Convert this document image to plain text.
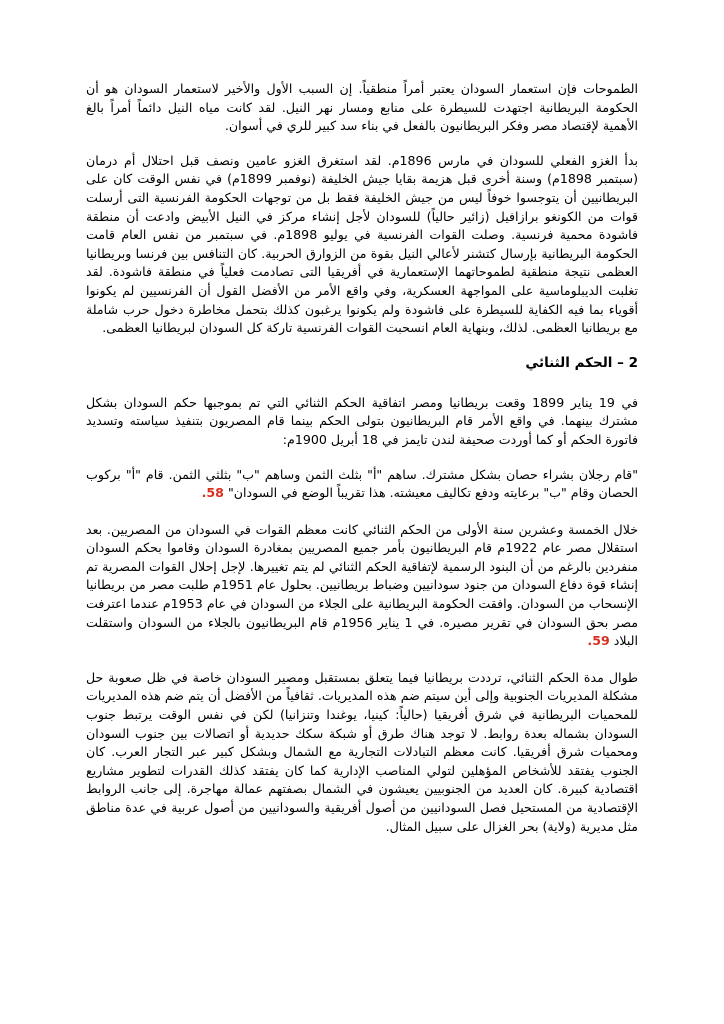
الطموحات فإن استعمار السودان يعتبر أمراً منطقياً. إن السبب الأول والأخير لاستعمار السودان هو أن الحكومة البريطانية اجتهدت للسيطرة على منابع ومسار نهر النيل. لقد كانت مياه النيل دائماً أمراً بالغ الأهمية لإقتصاد مصر وفكر البريطانيون بالفعل في بناء سد كبير للري في أسوان.

بدأ الغزو الفعلي للسودان في مارس 1896م. لقد استغرق الغزو عامين ونصف قبل احتلال أم درمان (سبتمبر 1898م) وسنة أخرى قبل هزيمة بقايا جيش الخليفة (نوفمبر 1899م) في نفس الوقت كان على البريطانيين أن يتوجسوا خوفاً ليس من جيش الخليفة فقط بل من توجهات الحكومة الفرنسية التى أرسلت قوات من الكونغو برازافيل (زائير حالياً) للسودان لأجل إنشاء مركز في النيل الأبيض وادعت أن منطقة فاشودة محمية فرنسية. وصلت القوات الفرنسية في يوليو 1898م. في سبتمبر من نفس العام قامت الحكومة البريطانية بإرسال كتشنر لأعالي النيل بقوة من الزوارق الحربية. كان التنافس بين فرنسا وبريطانيا العظمى نتيجة منطقية لطموحاتهما الإستعمارية في أفريقيا التى تصادمت فعلياً في منطقة فاشودة. لقد تغلبت الديبلوماسية على المواجهة العسكرية، وفي واقع الأمر من الأفضل القول أن الفرنسيين لم يكونوا أقوياء بما فيه الكفاية للسيطرة على فاشودة ولم يكونوا يرغبون كذلك بتحمل مخاطرة دخول حرب شاملة مع بريطانيا العظمى. لذلك، وبنهاية العام انسحبت القوات الفرنسية تاركة كل السودان لبريطانيا العظمى.

2 – الحكم الثنائي

في 19 يناير 1899 وقعت بريطانيا ومصر اتفاقية الحكم الثنائي التي تم بموجبها حكم السودان بشكل مشترك بينهما. في واقع الأمر قام البريطانيون بتولى الحكم بينما قام المصريون بتنفيذ سياسته وتسديد فاتورة الحكم أو كما أوردت صحيفة لندن تايمز في 18 أبريل 1900م:

"قام رجلان بشراء حصان بشكل مشترك. ساهم "أ" بثلث الثمن وساهم "ب" بثلثي الثمن. قام "أ" بركوب الحصان وقام "ب" برعايته ودفع تكاليف معيشته. هذا تقريباً الوضع في السودان" 58.

خلال الخمسة وعشرين سنة الأولى من الحكم الثنائي كانت معظم القوات في السودان من المصريين. بعد استقلال مصر عام 1922م قام البريطانيون بأمر جميع المصريين بمغادرة السودان وقاموا بحكم السودان منفردين بالرغم من أن البنود الرسمية لإتفاقية الحكم الثنائي لم يتم تغييرها. لإجل إحلال القوات المصرية تم إنشاء قوة دفاع السودان من جنود سودانيين وضباط بريطانيين. بحلول عام 1951م طلبت مصر من بريطانيا الإنسحاب من السودان. وافقت الحكومة البريطانية على الجلاء من السودان في عام 1953م عندما اعترفت مصر بحق السودان في تقرير مصيره. في 1 يناير 1956م قام البريطانيون بالجلاء من السودان واستقلت البلاد 59.

طوال مدة الحكم الثنائي، ترددت بريطانيا فيما يتعلق بمستقبل ومصير السودان خاصة في ظل صعوبة حل مشكلة المديريات الجنوبية وإلى أين سيتم ضم هذه المديريات. ثقافياً من الأفضل أن يتم ضم هذه المديريات للمحميات البريطانية في شرق أفريقيا (حالياً: كينيا، يوغندا وتنزانيا) لكن في نفس الوقت يرتبط جنوب السودان بشماله بعدة روابط. لا توجد هناك طرق أو شبكة سكك حديدية أو اتصالات بين جنوب السودان ومحميات شرق أفريقيا. كانت معظم التبادلات التجارية مع الشمال وبشكل كبير عبر التجار العرب. كان الجنوب يفتقد للأشخاص المؤهلين لتولي المناصب الإدارية كما كان يفتقد كذلك القدرات لتطوير مشاريع اقتصادية كبيرة. كان العديد من الجنوبيين يعيشون في الشمال بصفتهم عمالة مهاجرة. إلى جانب الروابط الإقتصادية من المستحيل فصل السودانيين من أصول أفريقية والسودانيين من أصول عربية في عدة مناطق مثل مديرية (ولاية) بحر الغزال على سبيل المثال.
